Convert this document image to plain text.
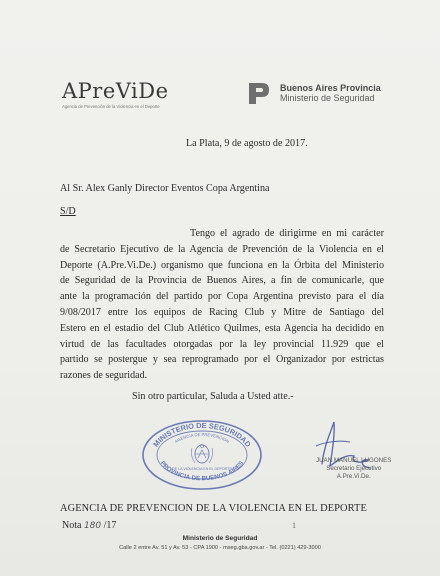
APreViDe
Agencia de Prevención de la Violencia en el Deporte
Buenos Aires Provincia
Ministerio de Seguridad
La Plata, 9 de agosto de 2017.
Al Sr. Alex Ganly Director Eventos Copa Argentina
S/D

Tengo el agrado de dirigirme en mi carácter

de Secretario Ejecutivo de la Agencia de Prevención de la Violencia en el

Deporte (A.Pre.Vi.De.) organismo que funciona en la Órbita del Ministerio

de Seguridad de la Provincia de Buenos Aires, a fin de comunicarle, que

ante la programación del partido por Copa Argentina previsto para el día

9/08/2017 entre los equipos de Racing Club y Mitre de Santiago del

Estero en el estadio del Club Atlético Quilmes, esta Agencia ha decidido en

virtud de las facultades otorgadas por la ley provincial 11.929 que el

partido se postergue y sea reprogramado por el Organizador por estrictas

razones de seguridad.

Sin otro particular, Saluda a Usted atte.-
MINISTERIO DE SEGURIDAD
AGENCIA DE PREVENCION
DE LA VIOLENCIA EN EL DEPORTE
PROVINCIA DE BUENOS AIRES	JUAN MANUEL LUGONES
Secretario Ejecutivo
A.Pre.Vi.De.
AGENCIA DE PREVENCION DE LA VIOLENCIA EN EL DEPORTE
Nota 180 /17	1
Ministerio de Seguridad
Calle 2 entre Av. 51 y Av. 53 - CPA 1900 - mseg.gba.gov.ar - Tel. (0221) 429-3000
